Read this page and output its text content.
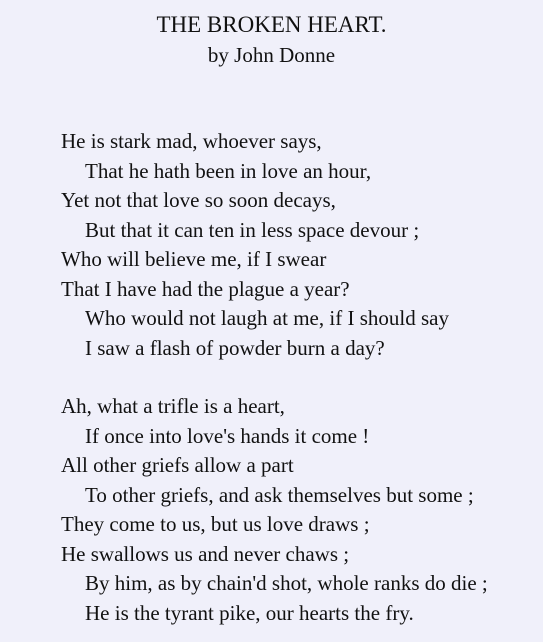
THE BROKEN HEART.
by John Donne
He is stark mad, whoever says,
That he hath been in love an hour,
Yet not that love so soon decays,
But that it can ten in less space devour ;
Who will believe me, if I swear
That I have had the plague a year?
Who would not laugh at me, if I should say
I saw a flash of powder burn a day?
Ah, what a trifle is a heart,
If once into love's hands it come !
All other griefs allow a part
To other griefs, and ask themselves but some ;
They come to us, but us love draws ;
He swallows us and never chaws ;
By him, as by chain'd shot, whole ranks do die ;
He is the tyrant pike, our hearts the fry.
